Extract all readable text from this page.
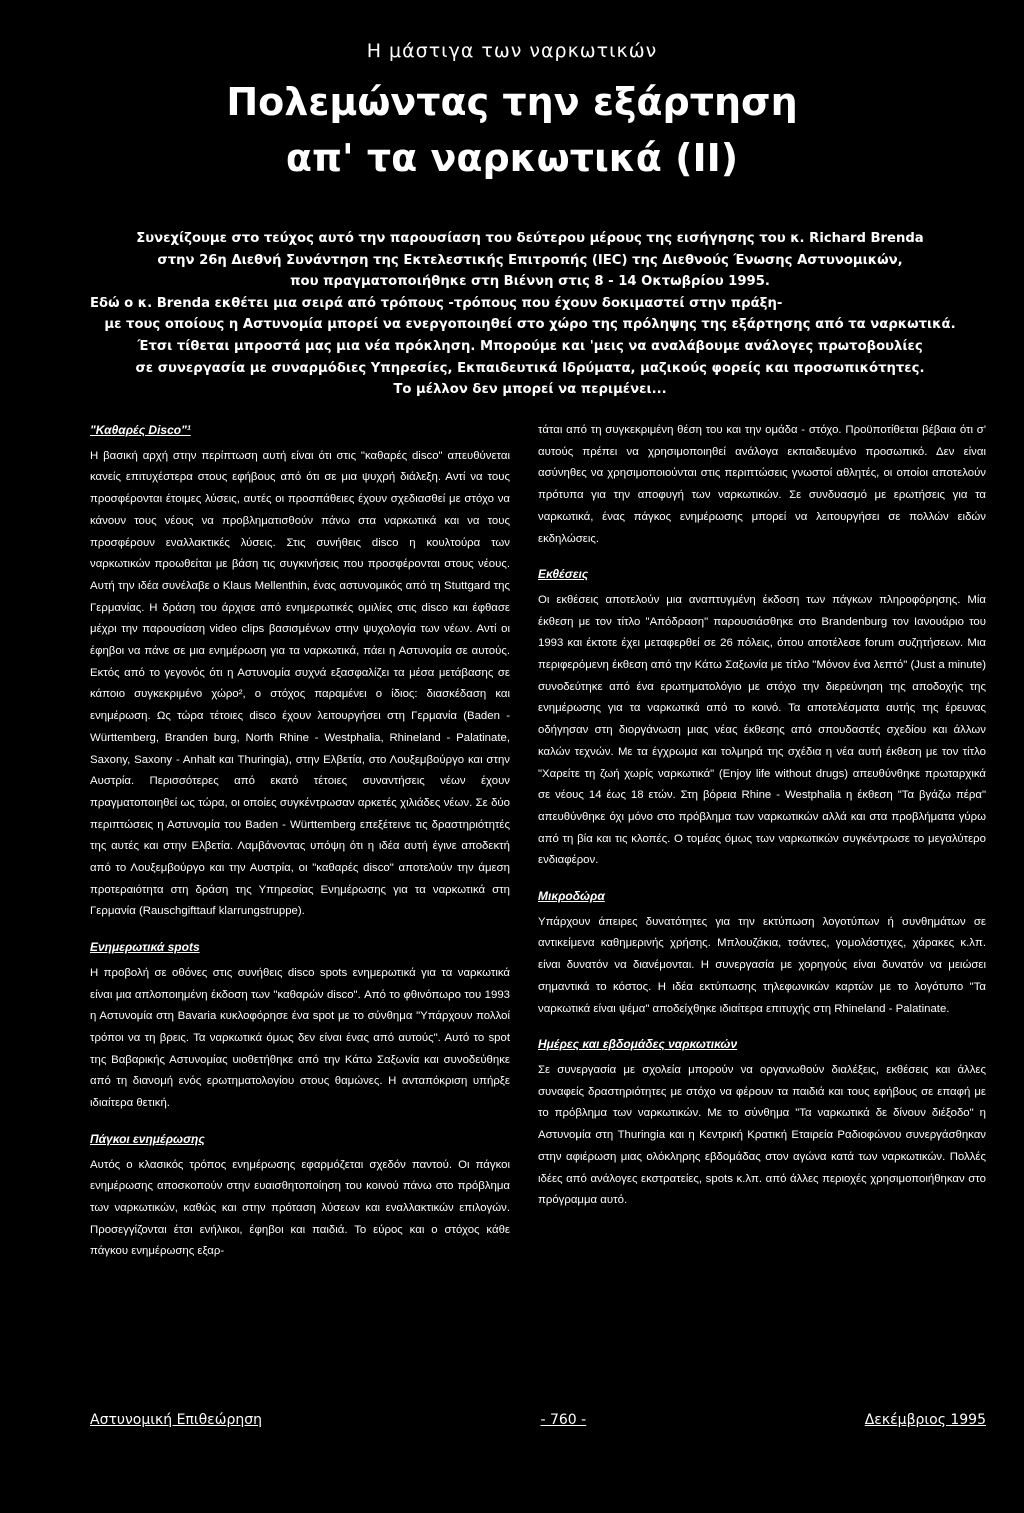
Η μάστιγα των ναρκωτικών
Πολεμώντας την εξάρτηση
απ' τα ναρκωτικά (ΙΙ)

Συνεχίζουμε στο τεύχος αυτό την παρουσίαση του δεύτερου μέρους της εισήγησης του κ. Richard Brenda

στην 26η Διεθνή Συνάντηση της Εκτελεστικής Επιτροπής (IEC) της Διεθνούς Ένωσης Αστυνομικών,

που πραγματοποιήθηκε στη Βιέννη στις 8 - 14 Οκτωβρίου 1995.

Εδώ ο κ. Brenda εκθέτει μια σειρά από τρόπους -τρόπους που έχουν δοκιμαστεί στην πράξη-

με τους οποίους η Αστυνομία μπορεί να ενεργοποιηθεί στο χώρο της πρόληψης της εξάρτησης από τα ναρκωτικά.

Έτσι τίθεται μπροστά μας μια νέα πρόκληση. Μπορούμε και 'μεις να αναλάβουμε ανάλογες πρωτοβουλίες

σε συνεργασία με συναρμόδιες Υπηρεσίες, Εκπαιδευτικά Ιδρύματα, μαζικούς φορείς και προσωπικότητες.

Το μέλλον δεν μπορεί να περιμένει...

"Καθαρές Disco"¹

Η βασική αρχή στην περίπτωση αυτή είναι ότι στις "καθαρές disco" απευθύνεται κανείς επιτυχέστερα στους εφήβους από ότι σε μια ψυχρή διάλεξη. Αντί να τους προσφέρονται έτοιμες λύσεις, αυτές οι προσπάθειες έχουν σχεδιασθεί με στόχο να κάνουν τους νέους να προβληματισθούν πάνω στα ναρκωτικά και να τους προσφέρουν εναλλακτικές λύσεις. Στις συνήθεις disco η κουλτούρα των ναρκωτικών προωθείται με βάση τις συγκινήσεις που προσφέρονται στους νέους. Αυτή την ιδέα συνέλαβε ο Klaus Mellenthin, ένας αστυνομικός από τη Stuttgard της Γερμανίας. Η δράση του άρχισε από ενημερωτικές ομιλίες στις disco και έφθασε μέχρι την παρουσίαση video clips βασισμένων στην ψυχολογία των νέων. Αντί οι έφηβοι να πάνε σε μια ενημέρωση για τα ναρκωτικά, πάει η Αστυνομία σε αυτούς. Εκτός από το γεγονός ότι η Αστυνομία συχνά εξασφαλίζει τα μέσα μετάβασης σε κάποιο συγκεκριμένο χώρο², ο στόχος παραμένει ο ίδιος: διασκέδαση και ενημέρωση. Ως τώρα τέτοιες disco έχουν λειτουργήσει στη Γερμανία (Baden - Württemberg, Branden burg, North Rhine - Westphalia, Rhineland - Palatinate, Saxony, Saxony - Anhalt και Thuringia), στην Ελβετία, στο Λουξεμβούργο και στην Αυστρία. Περισσότερες από εκατό τέτοιες συναντήσεις νέων έχουν πραγματοποιηθεί ως τώρα, οι οποίες συγκέντρωσαν αρκετές χιλιάδες νέων. Σε δύο περιπτώσεις η Αστυνομία του Baden - Württemberg επεξέτεινε τις δραστηριότητές της αυτές και στην Ελβετία. Λαμβάνοντας υπόψη ότι η ιδέα αυτή έγινε αποδεκτή από το Λουξεμβούργο και την Αυστρία, οι "καθαρές disco" αποτελούν την άμεση προτεραιότητα στη δράση της Υπηρεσίας Ενημέρωσης για τα ναρκωτικά στη Γερμανία (Rauschgifttauf klarrungstruppe).

Ενημερωτικά spots

Η προβολή σε οθόνες στις συνήθεις disco spots ενημερωτικά για τα ναρκωτικά είναι μια απλοποιημένη έκδοση των "καθαρών disco". Από το φθινόπωρο του 1993 η Αστυνομία στη Bavaria κυκλοφόρησε ένα spot με το σύνθημα "Υπάρχουν πολλοί τρόποι να τη βρεις. Τα ναρκωτικά όμως δεν είναι ένας από αυτούς". Αυτό το spot της Βαβαρικής Αστυνομίας υιοθετήθηκε από την Κάτω Σαξωνία και συνοδεύθηκε από τη διανομή ενός ερωτηματολογίου στους θαμώνες. Η ανταπόκριση υπήρξε ιδιαίτερα θετική.

Πάγκοι ενημέρωσης

Αυτός ο κλασικός τρόπος ενημέρωσης εφαρμόζεται σχεδόν παντού. Οι πάγκοι ενημέρωσης αποσκοπούν στην ευαισθητοποίηση του κοινού πάνω στο πρόβλημα των ναρκωτικών, καθώς και στην πρόταση λύσεων και εναλλακτικών επιλογών. Προσεγγίζονται έτσι ενήλικοι, έφηβοι και παιδιά. Το εύρος και ο στόχος κάθε πάγκου ενημέρωσης εξαρ-

τάται από τη συγκεκριμένη θέση του και την ομάδα - στόχο. Προϋποτίθεται βέβαια ότι σ' αυτούς πρέπει να χρησιμοποιηθεί ανάλογα εκπαιδευμένο προσωπικό. Δεν είναι ασύνηθες να χρησιμοποιούνται στις περιπτώσεις γνωστοί αθλητές, οι οποίοι αποτελούν πρότυπα για την αποφυγή των ναρκωτικών. Σε συνδυασμό με ερωτήσεις για τα ναρκωτικά, ένας πάγκος ενημέρωσης μπορεί να λειτουργήσει σε πολλών ειδών εκδηλώσεις.

Εκθέσεις

Οι εκθέσεις αποτελούν μια αναπτυγμένη έκδοση των πάγκων πληροφόρησης. Μία έκθεση με τον τίτλο "Απόδραση" παρουσιάσθηκε στο Brandenburg τον Ιανουάριο του 1993 και έκτοτε έχει μεταφερθεί σε 26 πόλεις, όπου αποτέλεσε forum συζητήσεων. Μια περιφερόμενη έκθεση από την Κάτω Σαξωνία με τίτλο "Μόνον ένα λεπτό" (Just a minute) συνοδεύτηκε από ένα ερωτηματολόγιο με στόχο την διερεύνηση της αποδοχής της ενημέρωσης για τα ναρκωτικά από το κοινό. Τα αποτελέσματα αυτής της έρευνας οδήγησαν στη διοργάνωση μιας νέας έκθεσης από σπουδαστές σχεδίου και άλλων καλών τεχνών. Με τα έγχρωμα και τολμηρά της σχέδια η νέα αυτή έκθεση με τον τίτλο "Χαρείτε τη ζωή χωρίς ναρκωτικά" (Enjoy life without drugs) απευθύνθηκε πρωταρχικά σε νέους 14 έως 18 ετών. Στη βόρεια Rhine - Westphalia η έκθεση "Τα βγάζω πέρα" απευθύνθηκε όχι μόνο στο πρόβλημα των ναρκωτικών αλλά και στα προβλήματα γύρω από τη βία και τις κλοπές. Ο τομέας όμως των ναρκωτικών συγκέντρωσε το μεγαλύτερο ενδιαφέρον.

Μικροδώρα

Υπάρχουν άπειρες δυνατότητες για την εκτύπωση λογοτύπων ή συνθημάτων σε αντικείμενα καθημερινής χρήσης. Μπλουζάκια, τσάντες, γομολάστιχες, χάρακες κ.λπ. είναι δυνατόν να διανέμονται. Η συνεργασία με χορηγούς είναι δυνατόν να μειώσει σημαντικά το κόστος. Η ιδέα εκτύπωσης τηλεφωνικών καρτών με το λογότυπο "Τα ναρκωτικά είναι ψέμα" αποδείχθηκε ιδιαίτερα επιτυχής στη Rhineland - Palatinate.

Ημέρες και εβδομάδες ναρκωτικών

Σε συνεργασία με σχολεία μπορούν να οργανωθούν διαλέξεις, εκθέσεις και άλλες συναφείς δραστηριότητες με στόχο να φέρουν τα παιδιά και τους εφήβους σε επαφή με το πρόβλημα των ναρκωτικών. Με το σύνθημα "Τα ναρκωτικά δε δίνουν διέξοδο" η Αστυνομία στη Thuringia και η Κεντρική Κρατική Εταιρεία Ραδιοφώνου συνεργάσθηκαν στην αφιέρωση μιας ολόκληρης εβδομάδας στον αγώνα κατά των ναρκωτικών. Πολλές ιδέες από ανάλογες εκστρατείες, spots κ.λπ. από άλλες περιοχές χρησιμοποιήθηκαν στο πρόγραμμα αυτό.

Αστυνομική Επιθεώρηση	- 760 -	Δεκέμβριος 1995
